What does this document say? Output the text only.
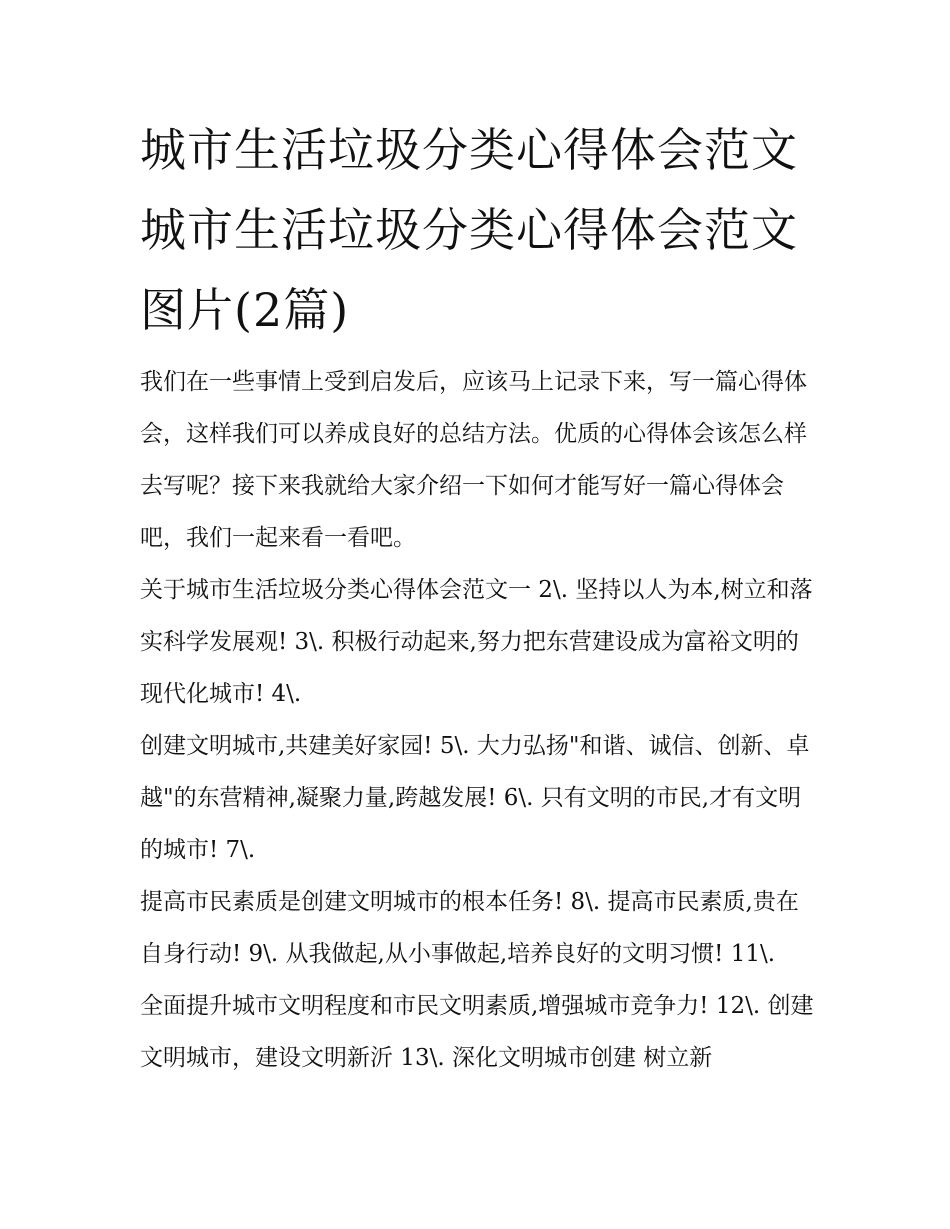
城市生活垃圾分类心得体会范文 城市生活垃圾分类心得体会范文图片(2篇)

我们在一些事情上受到启发后，应该马上记录下来，写一篇心得体会，这样我们可以养成良好的总结方法。优质的心得体会该怎么样去写呢？接下来我就给大家介绍一下如何才能写好一篇心得体会吧，我们一起来看一看吧。

关于城市生活垃圾分类心得体会范文一 2\. 坚持以人为本,树立和落实科学发展观! 3\. 积极行动起来,努力把东营建设成为富裕文明的现代化城市! 4\.

创建文明城市,共建美好家园! 5\. 大力弘扬"和谐、诚信、创新、卓越"的东营精神,凝聚力量,跨越发展! 6\. 只有文明的市民,才有文明的城市! 7\.

提高市民素质是创建文明城市的根本任务! 8\. 提高市民素质,贵在自身行动! 9\. 从我做起,从小事做起,培养良好的文明习惯! 11\.

全面提升城市文明程度和市民文明素质,增强城市竞争力! 12\. 创建文明城市，建设文明新沂 13\. 深化文明城市创建 树立新
